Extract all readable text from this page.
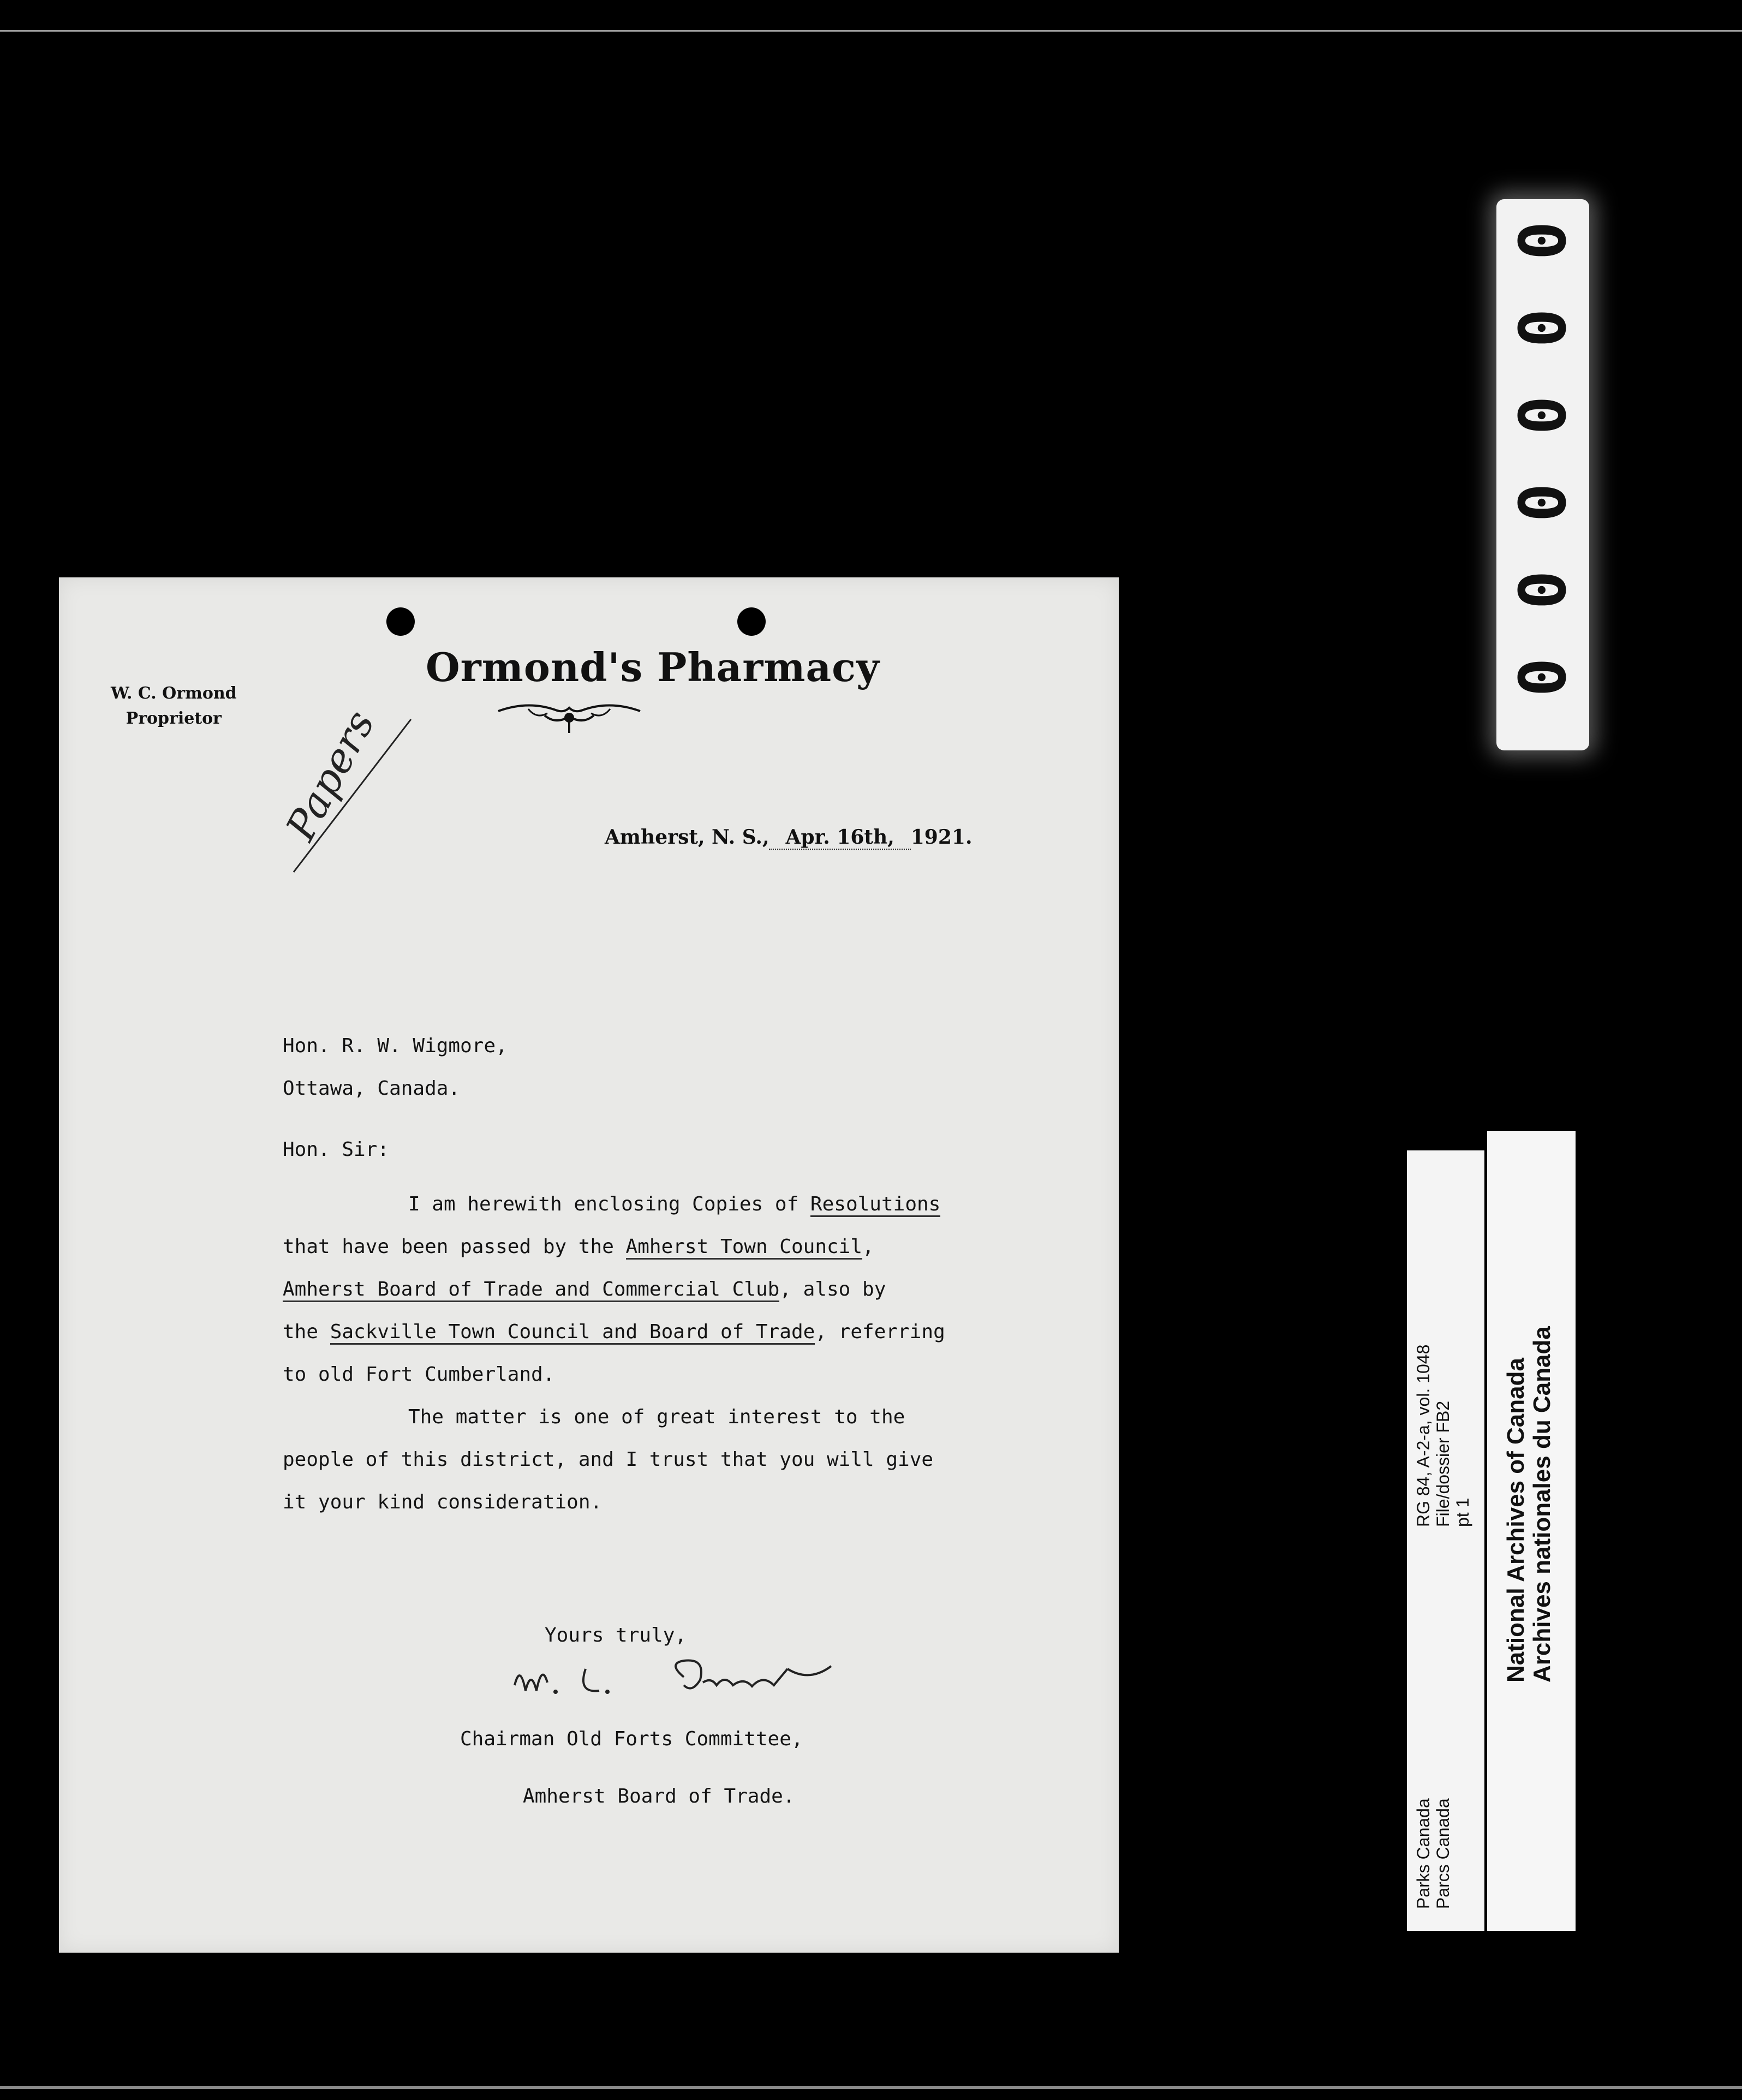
Ormond's Pharmacy
W. C. Ormond
Proprietor	Papers	Amherst, N. S., Apr. 16th, 1921.
Hon. R. W. Wigmore,
Ottawa, Canada.
Hon. Sir:
I am herewith enclosing Copies of Resolutions
that have been passed by the Amherst Town Council,
Amherst Board of Trade and Commercial Club, also by
the Sackville Town Council and Board of Trade, referring
to old Fort Cumberland.
The matter is one of great interest to the
people of this district, and I trust that you will give
it your kind consideration.
Yours truly,
Chairman Old Forts Committee,
Amherst Board of Trade.
0
0
0
0
0
0
Parks Canada Parcs Canada
RG 84, A-2-a, vol. 1048 File/dossier FB2 pt 1 National Archives of Canada Archives nationales du Canada
